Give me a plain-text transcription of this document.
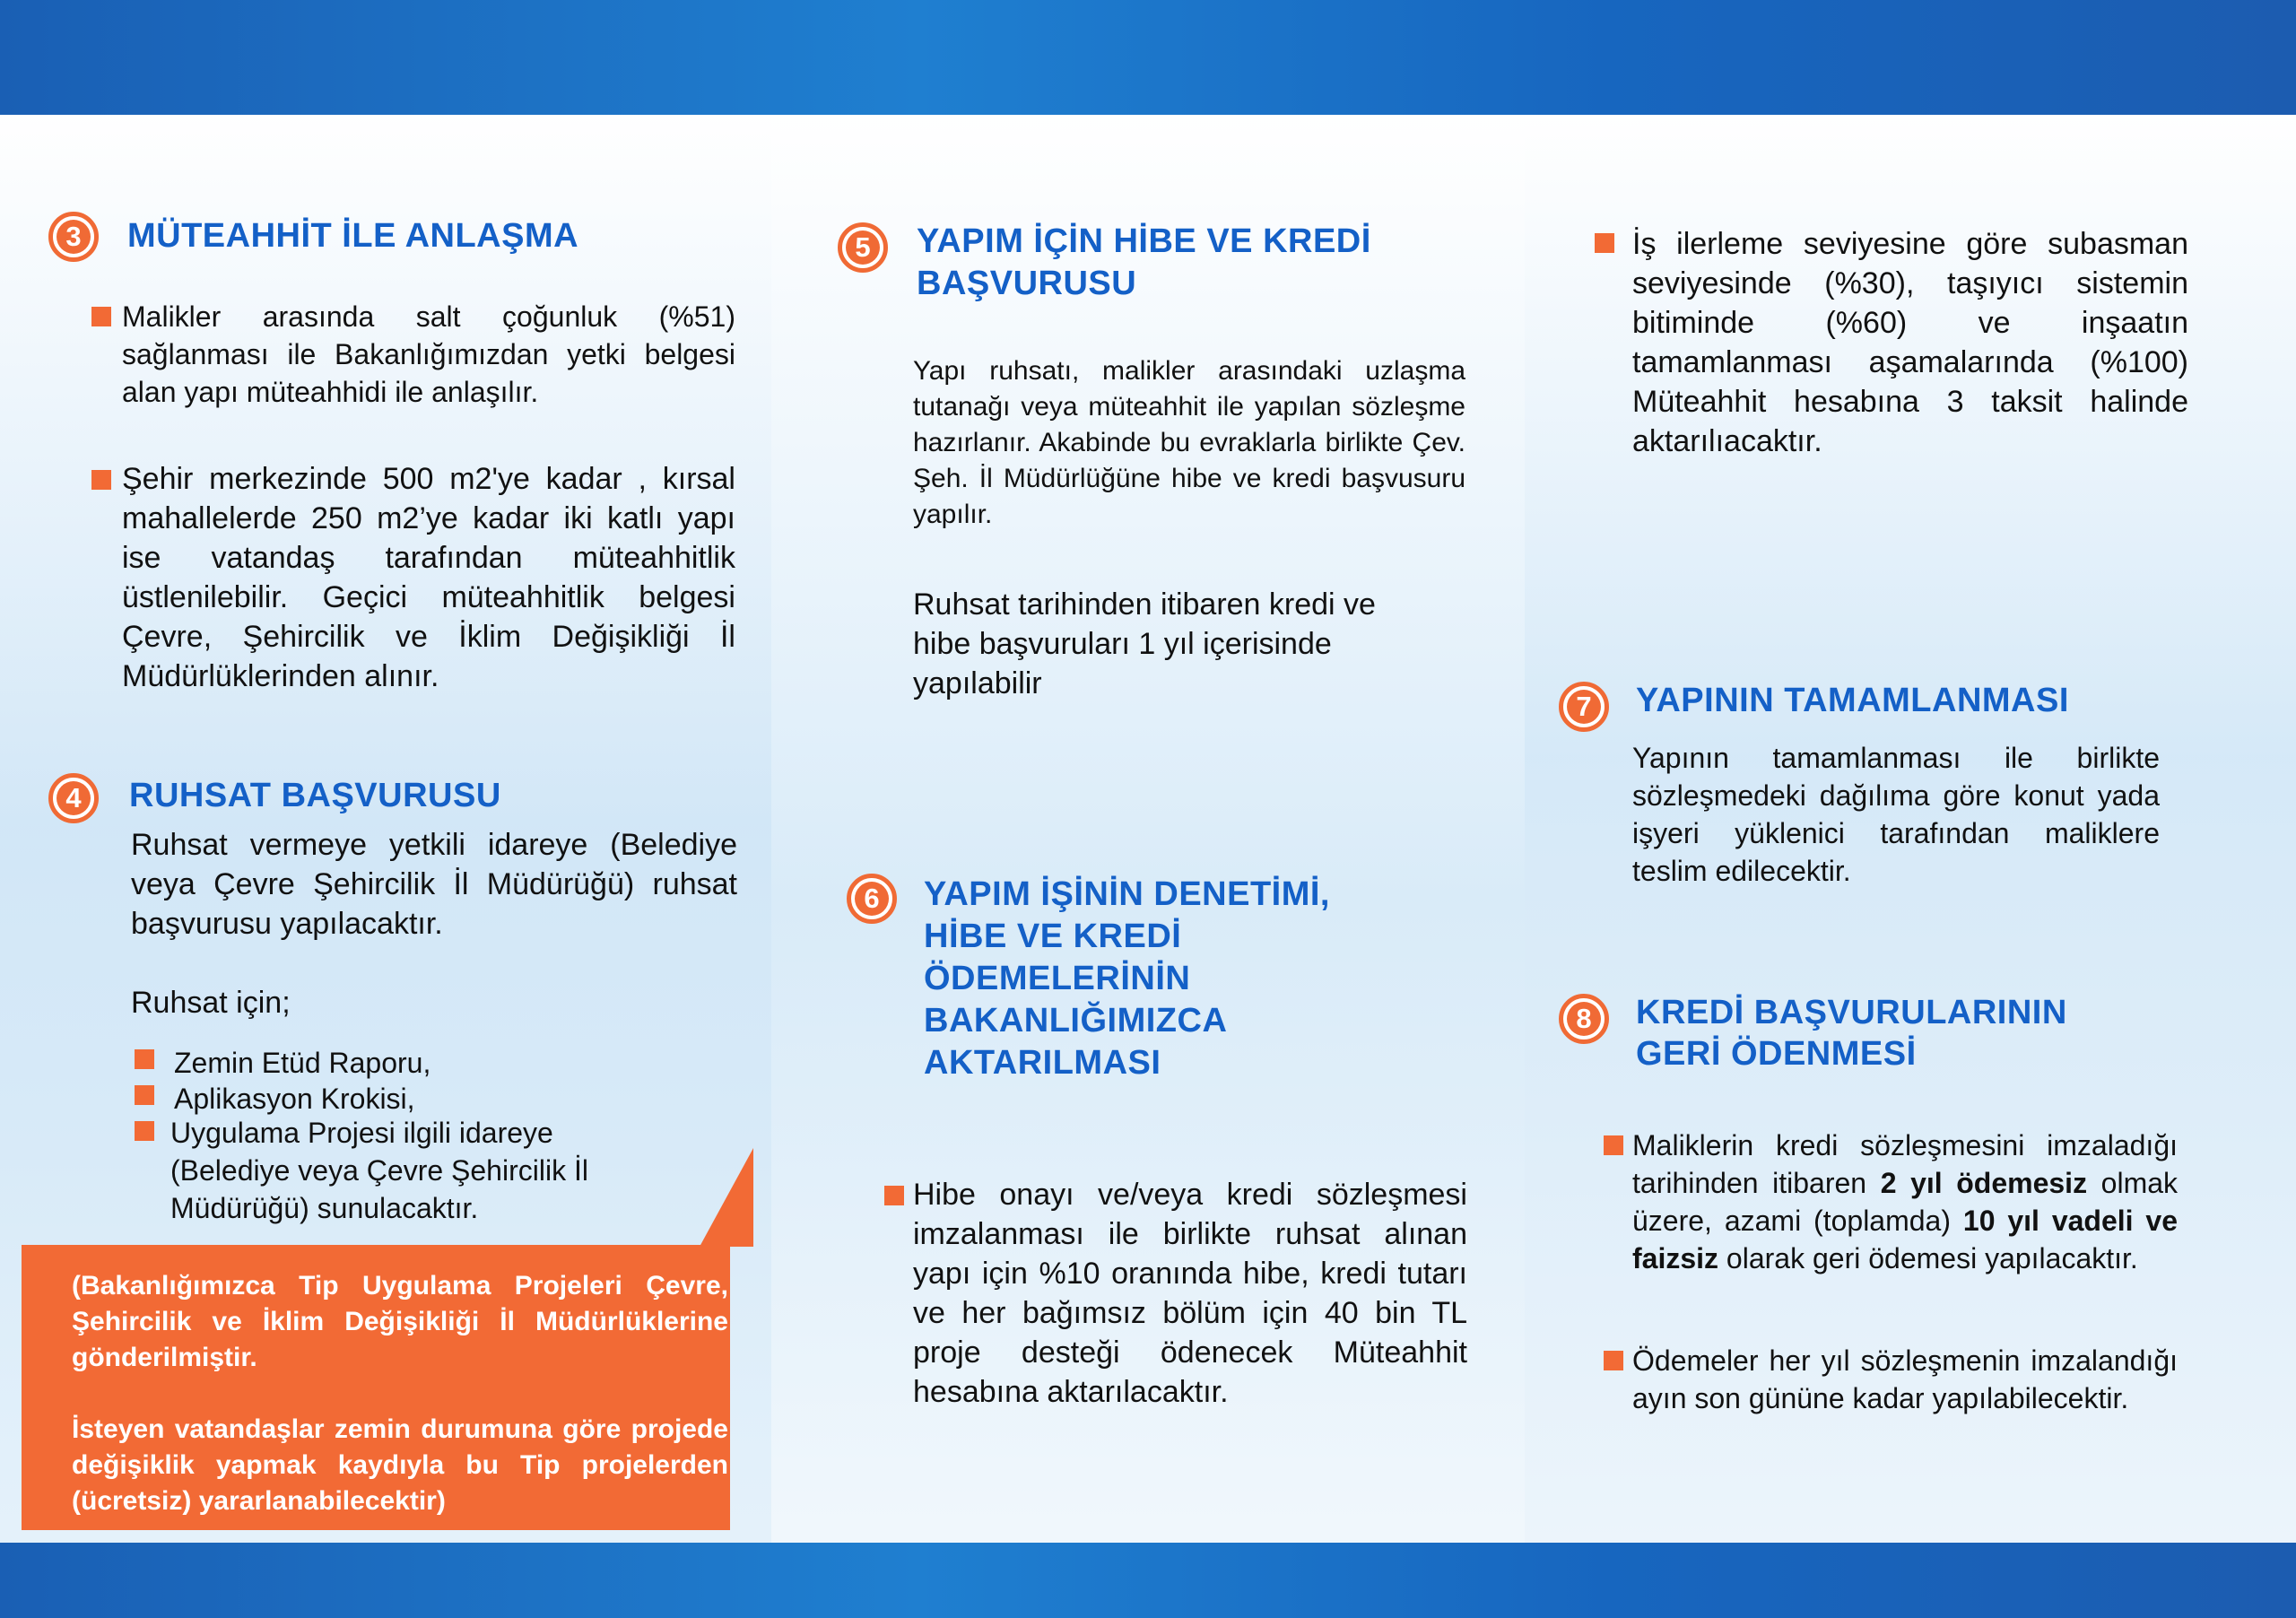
3 MÜTEAHHİT İLE ANLAŞMA
Malikler arasında salt çoğunluk (%51) sağlanması ile Bakanlığımızdan yetki belgesi alan yapı müteahhidi ile anlaşılır.
Şehir merkezinde 500 m2'ye kadar , kırsal mahallelerde 250 m2’ye kadar iki katlı yapı ise vatandaş tarafından müteahhitlik üstlenilebilir. Geçici müteahhitlik belgesi Çevre, Şehircilik ve İklim Değişikliği İl Müdürlüklerinden alınır.
4 RUHSAT BAŞVURUSU
Ruhsat vermeye yetkili idareye (Belediye veya Çevre Şehircilik İl Müdürüğü) ruhsat başvurusu yapılacaktır.
Ruhsat için;
Zemin Etüd Raporu,
Aplikasyon Krokisi,
Uygulama Projesi ilgili idareye (Belediye veya Çevre Şehircilik İl Müdürüğü) sunulacaktır.

(Bakanlığımızca Tip Uygulama Projeleri Çevre, Şehircilik ve İklim Değişikliği İl Müdürlüklerine gönderilmiştir.

İsteyen vatandaşlar zemin durumuna göre projede değişiklik yapmak kaydıyla bu Tip projelerden (ücretsiz) yararlanabilecektir)

5 YAPIM İÇİN HİBE VE KREDİ
BAŞVURUSU
Yapı ruhsatı, malikler arasındaki uzlaşma tutanağı veya müteahhit ile yapılan sözleşme hazırlanır. Akabinde bu evraklarla birlikte Çev. Şeh. İl Müdürlüğüne hibe ve kredi başvusuru yapılır.
Ruhsat tarihinden itibaren kredi ve hibe başvuruları 1 yıl içerisinde yapılabilir
6 YAPIM İŞİNİN DENETİMİ,
HİBE VE KREDİ
ÖDEMELERİNİN
BAKANLIĞIMIZCA
AKTARILMASI
Hibe onayı ve/veya kredi sözleşmesi imzalanması ile birlikte ruhsat alınan yapı için %10 oranında hibe, kredi tutarı ve her bağımsız bölüm için 40 bin TL proje desteği ödenecek Müteahhit hesabına aktarılacaktır.
İş ilerleme seviyesine göre subasman seviyesinde (%30), taşıyıcı sistemin bitiminde (%60) ve inşaatın tamamlanması aşamalarında (%100) Müteahhit hesabına 3 taksit halinde aktarılıacaktır.
7 YAPININ TAMAMLANMASI
Yapının tamamlanması ile birlikte sözleşmedeki dağılıma göre konut yada işyeri yüklenici tarafından maliklere teslim edilecektir.
8 KREDİ BAŞVURULARININ
GERİ ÖDENMESİ
Maliklerin kredi sözleşmesini imzaladığı tarihinden itibaren 2 yıl ödemesiz olmak üzere, azami (toplamda) 10 yıl vadeli ve faizsiz olarak geri ödemesi yapılacaktır.
Ödemeler her yıl sözleşmenin imzalandığı ayın son gününe kadar yapılabilecektir.
